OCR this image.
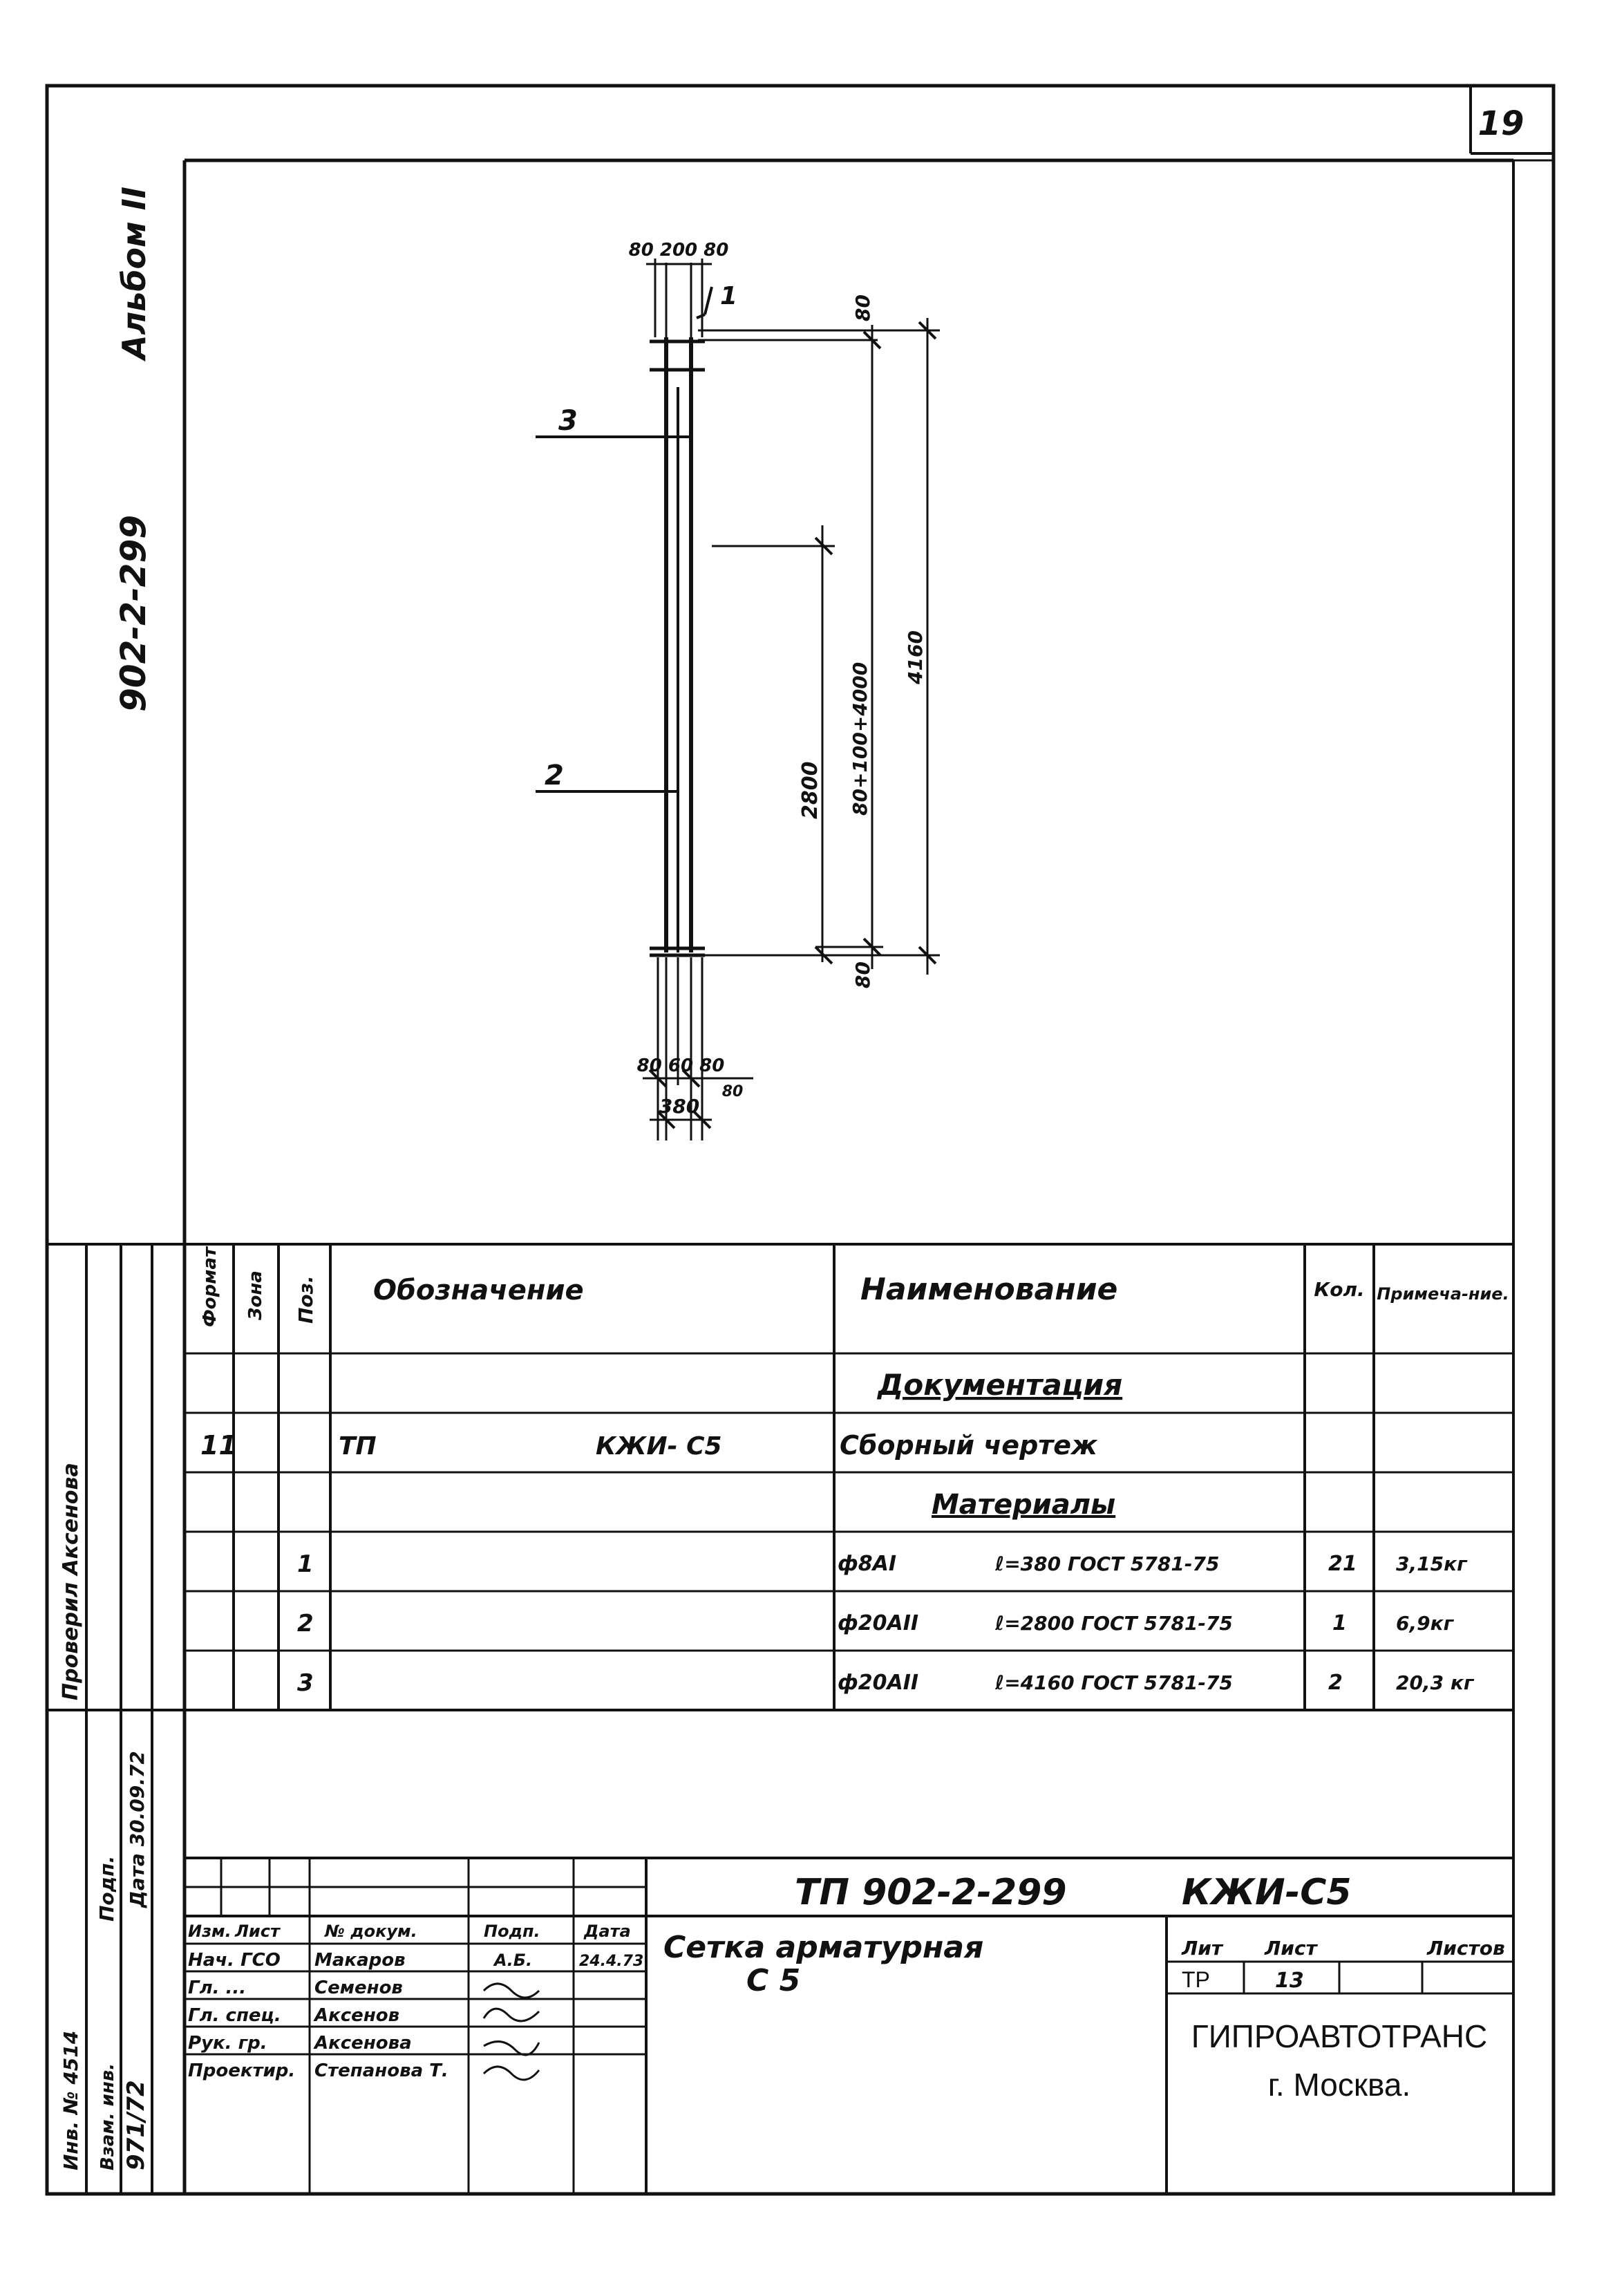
19
Альбом II
902-2-299
80 200 80
80
4160
80+100+4000
2800
80
80 60 80
80
380
3
2
1
Формат Зона Поз. Обозначение	Наименование	Кол. Примеча-ние.
Документация
11	ТП	КЖИ- С5	Сборный чертеж
Материалы
1	ф8АI	ℓ=380 ГОСТ 5781-75	21 3,15кг
2	ф20АII	ℓ=2800 ГОСТ 5781-75	1	6,9кг
3	ф20АII	ℓ=4160 ГОСТ 5781-75	2	20,3 кг
Проверил Аксенова
Инв. № 4514
Дата 30.09.72
Подп.
Взам. инв. 971/72
ТП 902-2-299	КЖИ-С5
Сетка арматурная
С 5
Изм. Лист	№ докум.	Подп.	Дата
Нач. ГСО Макаров	А.Б.	24.4.73
Гл. ...	Семенов
Гл. спец. Аксенов
Рук. гр.	Аксенова
Проектир. Степанова Т.
Лит Лист	Листов
ТР	13
ГИПРОАВТОТРАНС
г. Москва.
